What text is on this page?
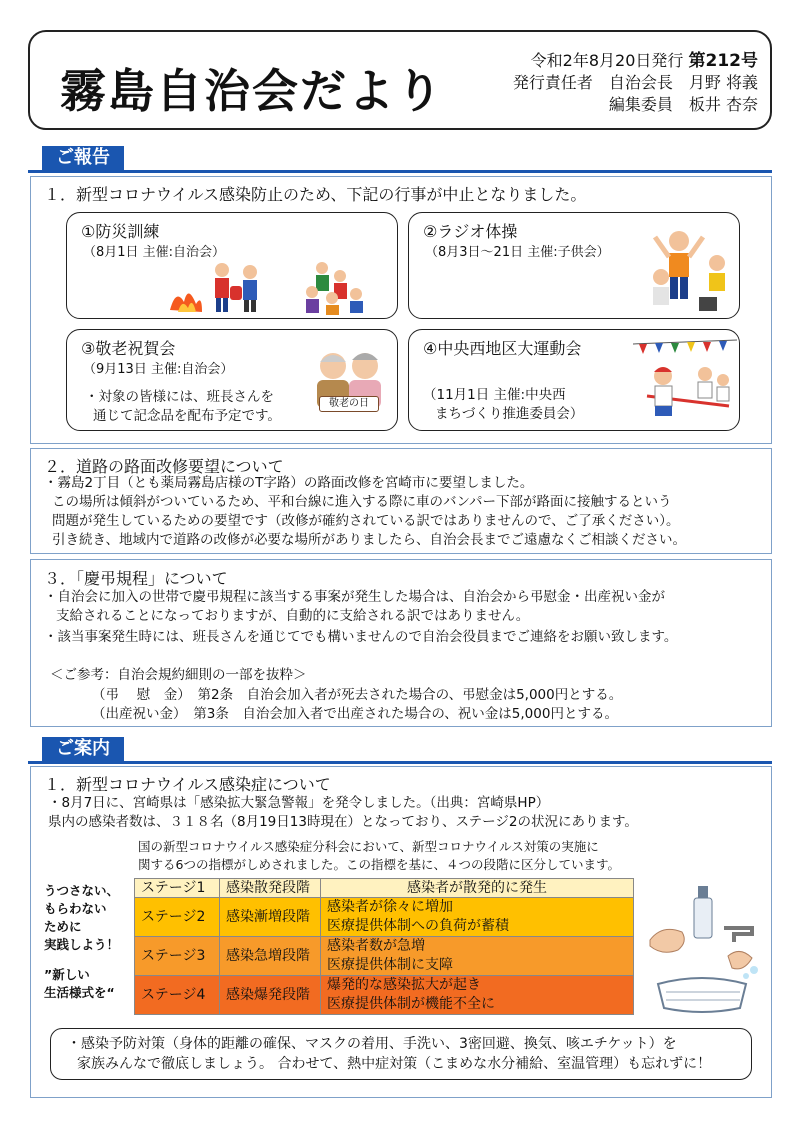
霧島自治会だより
令和2年8月20日発行 第212号
発行責任者　自治会長　月野 将義
編集委員　板井 杏奈
ご報告
１．新型コロナウイルス感染防止のため、下記の行事が中止となりました。
①防災訓練
（8月1日 主催:自治会）
②ラジオ体操
（8月3日～21日 主催:子供会）
③敬老祝賀会
（9月13日 主催:自治会）
・対象の皆様には、班長さんを
通じて記念品を配布予定です。
敬老の日
④中央西地区大運動会
（11月1日 主催:中央西
まちづくり推進委員会）
２．道路の路面改修要望について
・霧島2丁目（とも薬局霧島店様のT字路）の路面改修を宮崎市に要望しました。
この場所は傾斜がついているため、平和台線に進入する際に車のバンパー下部が路面に接触するという
問題が発生しているための要望です（改修が確約されている訳ではありませんので、ご了承ください）。
引き続き、地域内で道路の改修が必要な場所がありましたら、自治会長までご遠慮なくご相談ください。
３．「慶弔規程」について
・自治会に加入の世帯で慶弔規程に該当する事案が発生した場合は、自治会から弔慰金・出産祝い金が
支給されることになっておりますが、自動的に支給される訳ではありません。
・該当事案発生時には、班長さんを通じてでも構いませんので自治会役員までご連絡をお願い致します。
＜ご参考：自治会規約細則の一部を抜粋＞
（弔　 慰　金）　第2条　自治会加入者が死去された場合の、弔慰金は5,000円とする。
（出産祝い金）　第3条　自治会加入者で出産された場合の、祝い金は5,000円とする。
ご案内
１．新型コロナウイルス感染症について
・8月7日に、宮崎県は「感染拡大緊急警報」を発令しました。（出典：宮崎県HP）
県内の感染者数は、３１８名（8月19日13時現在）となっており、ステージ2の状況にあります。
国の新型コロナウイルス感染症分科会において、新型コロナウイルス対策の実施に
関する6つの指標がしめされました。この指標を基に、４つの段階に区分しています。
うつさない、
もらわない
ために
実践しよう！
”新しい
生活様式を“
ステージ1	感染散発段階	感染者が散発的に発生
ステージ2	感染漸増段階	感染者が徐々に増加
医療提供体制への負荷が蓄積

ステージ3	感染急増段階	感染者数が急増
医療提供体制に支障

ステージ4	感染爆発段階	爆発的な感染拡大が起き
医療提供体制が機能不全に
・感染予防対策（身体的距離の確保、マスクの着用、手洗い、3密回避、換気、咳エチケット）を
家族みんなで徹底しましょう。 合わせて、熱中症対策（こまめな水分補給、室温管理）も忘れずに！
